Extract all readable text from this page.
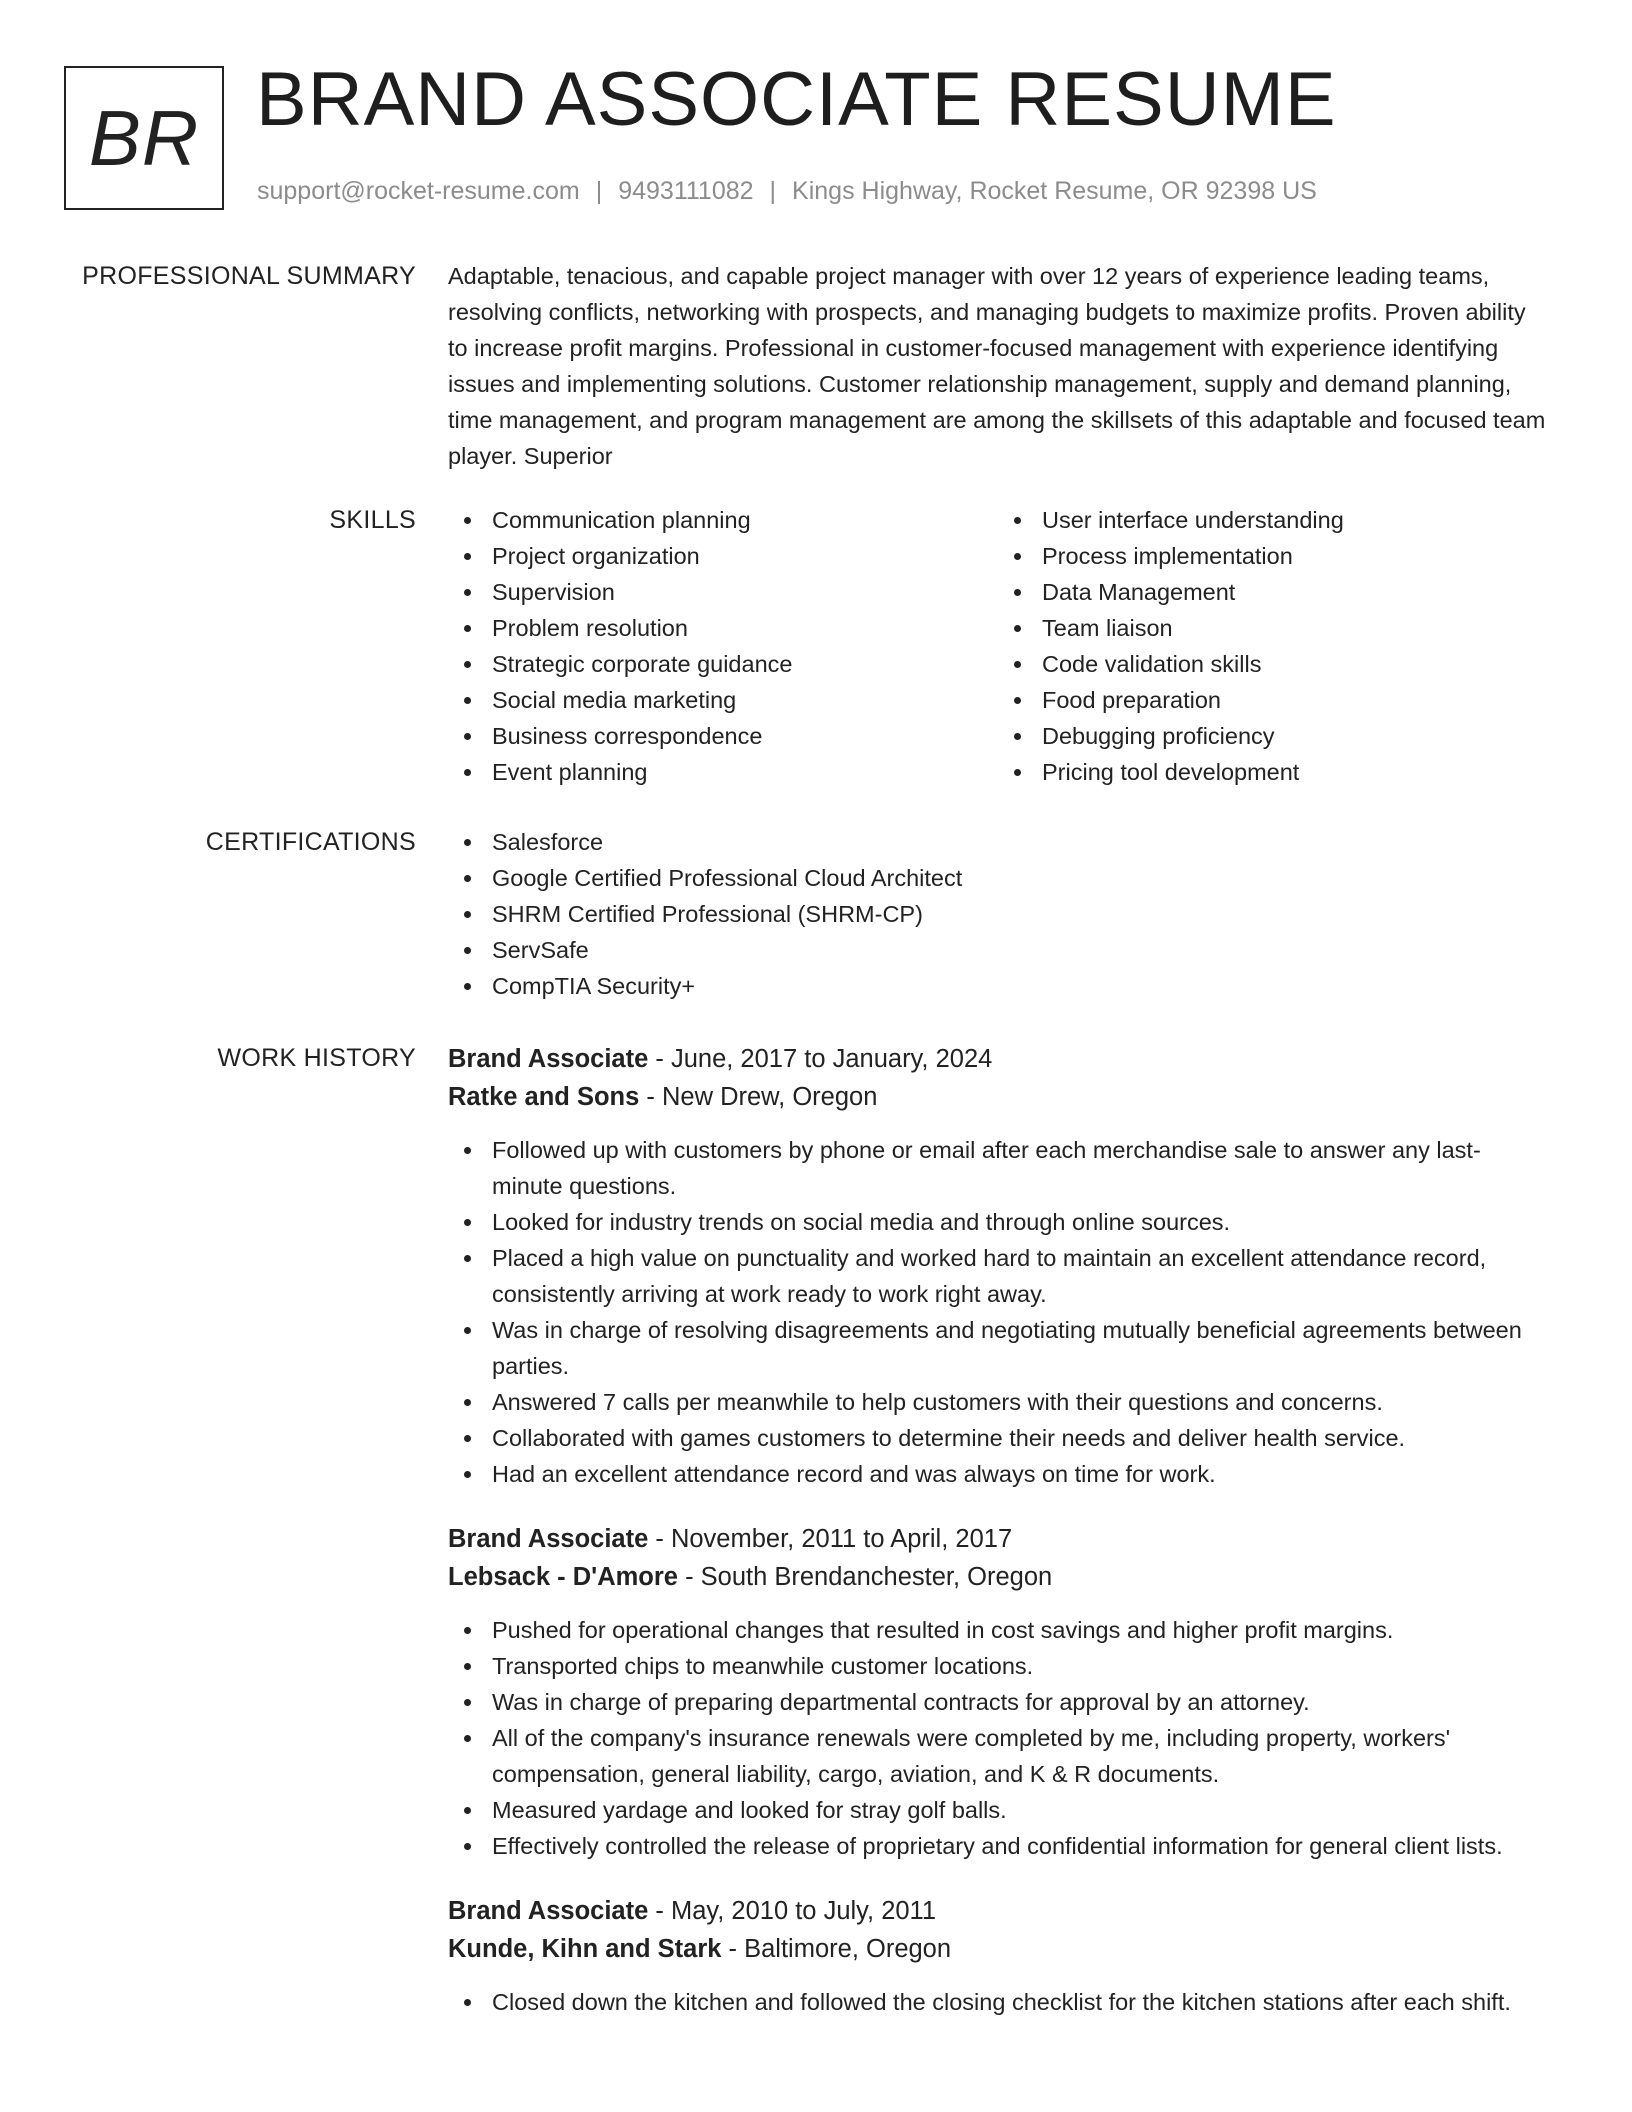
BR BRAND ASSOCIATE RESUME
support@rocket-resume.com | 9493111082 | Kings Highway, Rocket Resume, OR 92398 US
PROFESSIONAL SUMMARY Adaptable, tenacious, and capable project manager with over 12 years of experience leading teams, resolving conflicts, networking with prospects, and managing budgets to maximize profits. Proven ability to increase profit margins. Professional in customer-focused management with experience identifying issues and implementing solutions. Customer relationship management, supply and demand planning, time management, and program management are among the skillsets of this adaptable and focused team player. Superior
SKILLS	Communication planning
Project organization
Supervision
Problem resolution
Strategic corporate guidance
Social media marketing
Business correspondence
Event planning
User interface understanding
Process implementation
Data Management
Team liaison
Code validation skills
Food preparation
Debugging proficiency
Pricing tool development
CERTIFICATIONS	Salesforce
Google Certified Professional Cloud Architect
SHRM Certified Professional (SHRM-CP)
ServSafe
CompTIA Security+
WORK HISTORY Brand Associate - June, 2017 to January, 2024
Ratke and Sons - New Drew, Oregon
Followed up with customers by phone or email after each merchandise sale to answer any last-minute questions.
Looked for industry trends on social media and through online sources.
Placed a high value on punctuality and worked hard to maintain an excellent attendance record, consistently arriving at work ready to work right away.
Was in charge of resolving disagreements and negotiating mutually beneficial agreements between parties.
Answered 7 calls per meanwhile to help customers with their questions and concerns.
Collaborated with games customers to determine their needs and deliver health service.
Had an excellent attendance record and was always on time for work.
Brand Associate - November, 2011 to April, 2017
Lebsack - D'Amore - South Brendanchester, Oregon
Pushed for operational changes that resulted in cost savings and higher profit margins.
Transported chips to meanwhile customer locations.
Was in charge of preparing departmental contracts for approval by an attorney.
All of the company's insurance renewals were completed by me, including property, workers' compensation, general liability, cargo, aviation, and K & R documents.
Measured yardage and looked for stray golf balls.
Effectively controlled the release of proprietary and confidential information for general client lists.
Brand Associate - May, 2010 to July, 2011
Kunde, Kihn and Stark - Baltimore, Oregon
Closed down the kitchen and followed the closing checklist for the kitchen stations after each shift.
